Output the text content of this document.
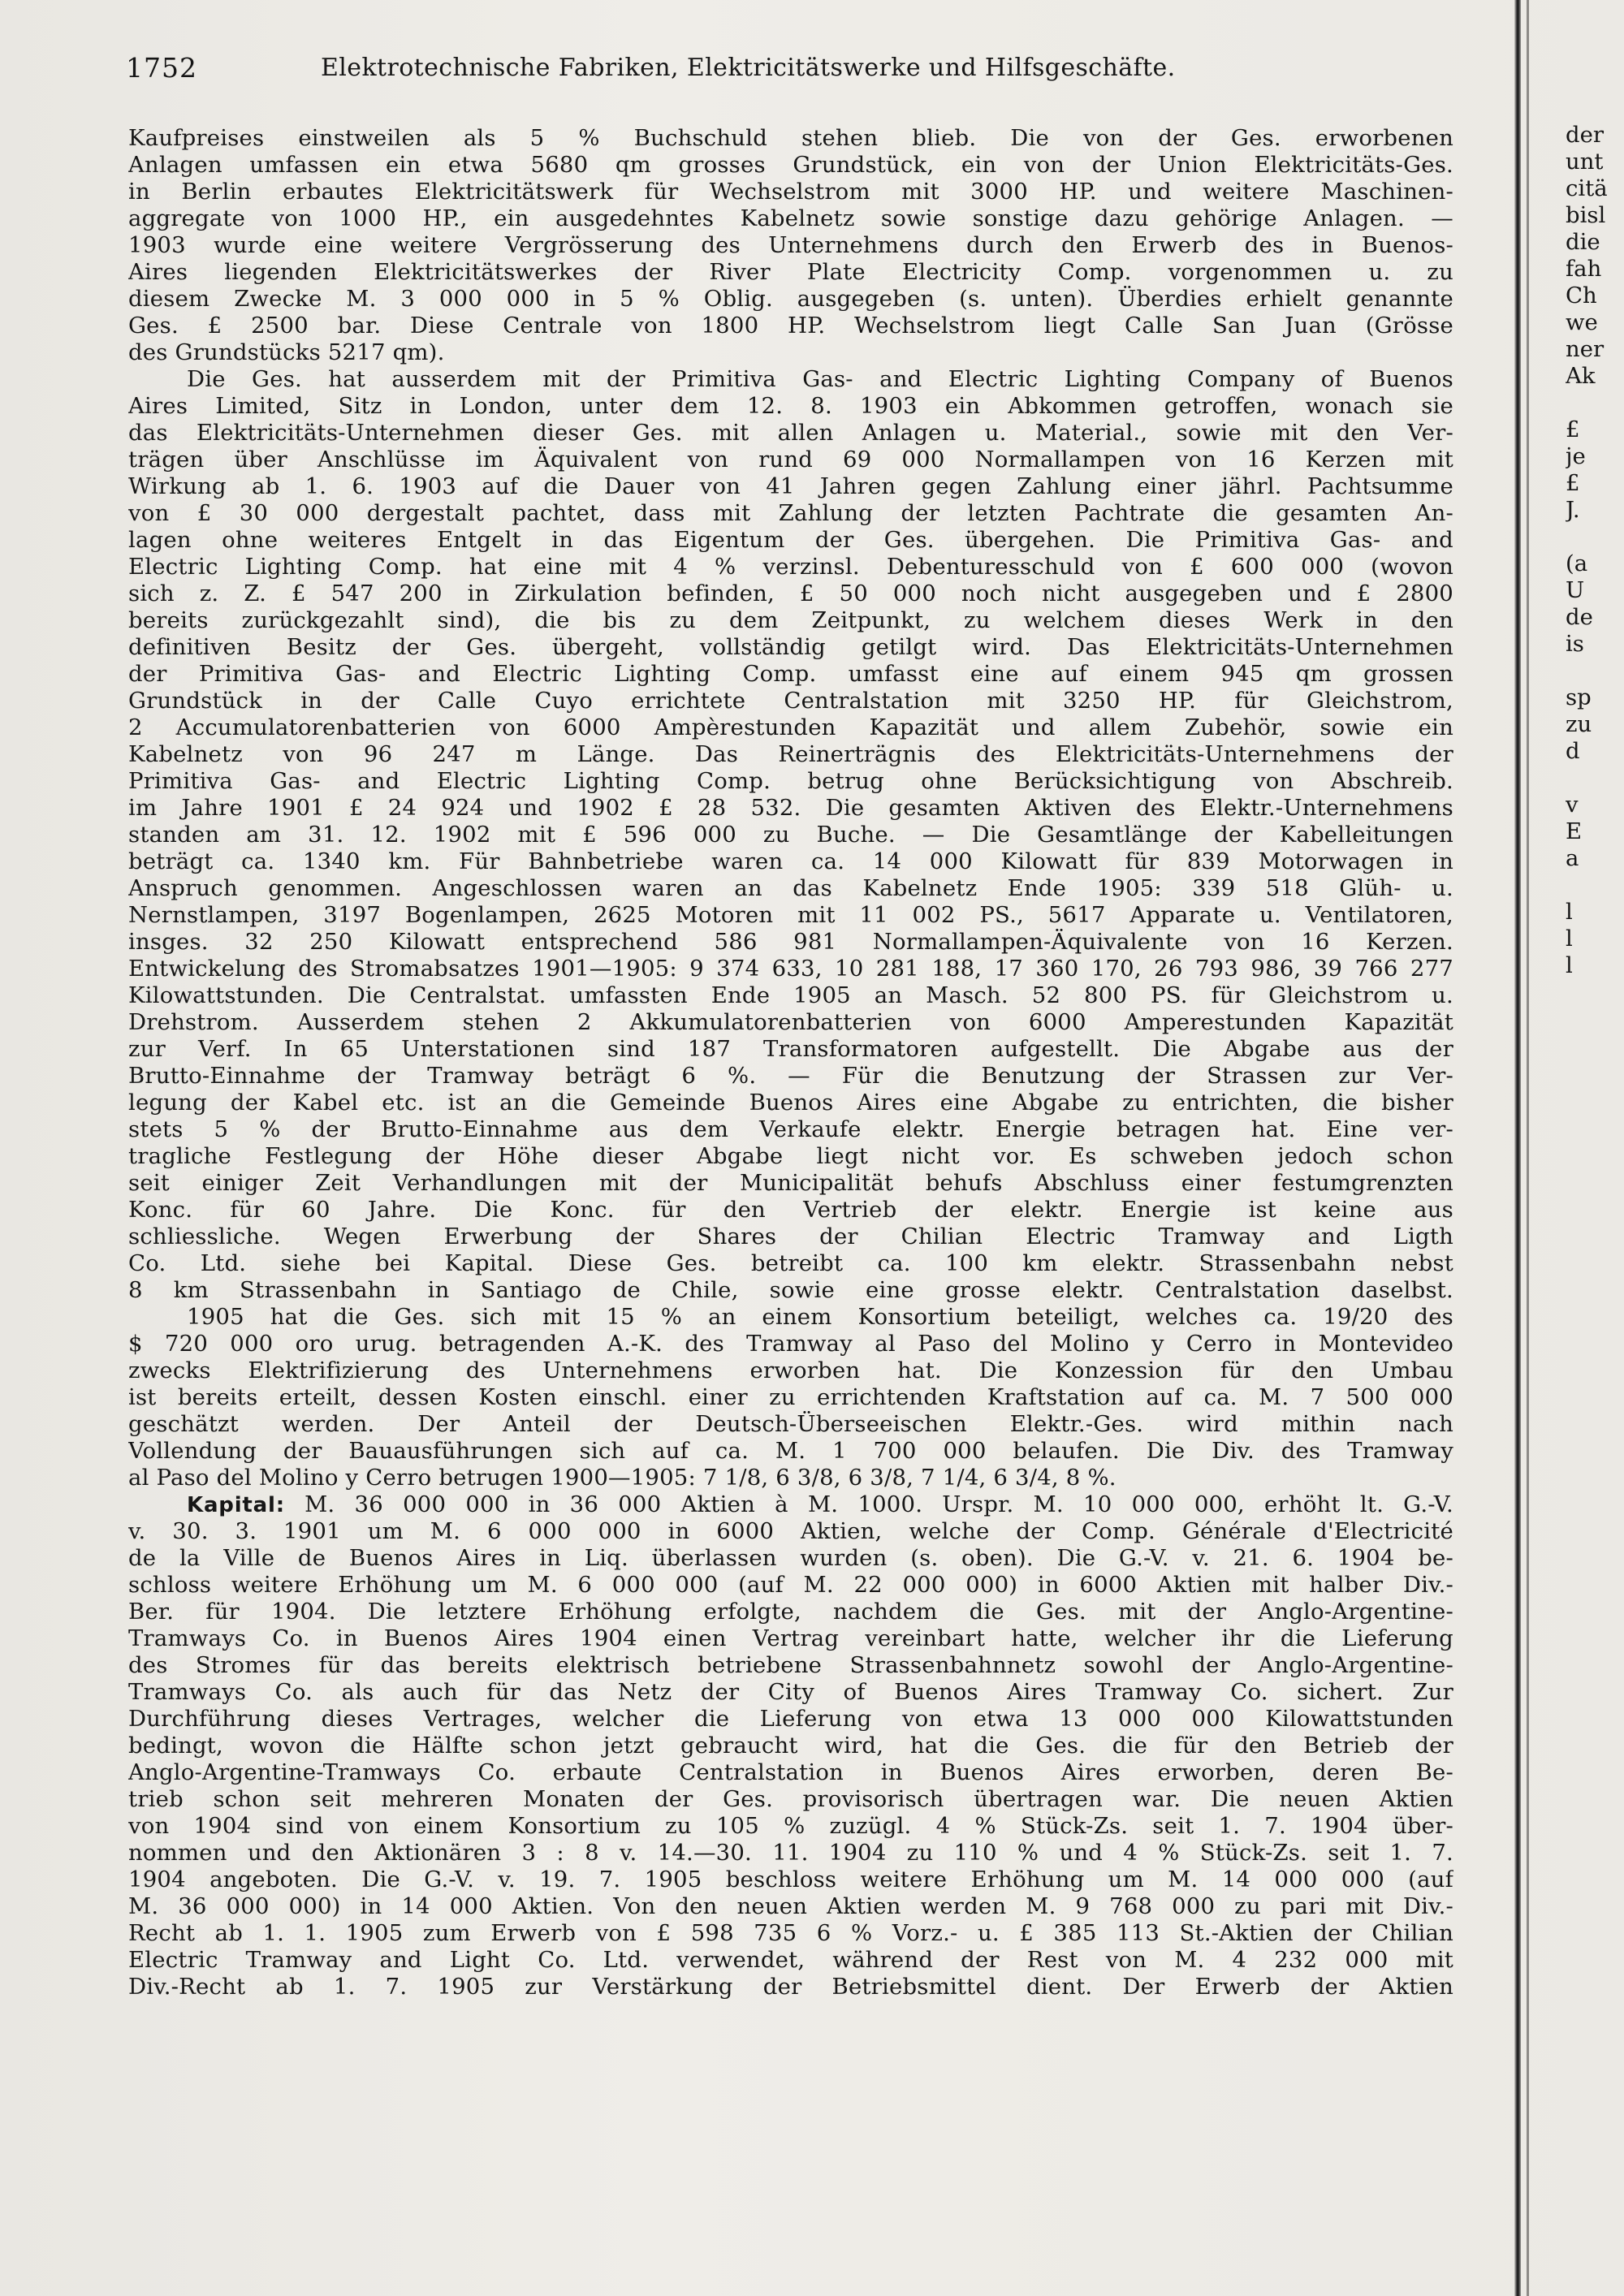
1752	Elektrotechnische Fabriken, Elektricitätswerke und Hilfsgeschäfte.
Kaufpreises einstweilen als 5 % Buchschuld stehen blieb. Die von der Ges. erworbenen
Anlagen umfassen ein etwa 5680 qm grosses Grundstück, ein von der Union Elektricitäts-Ges.
in Berlin erbautes Elektricitätswerk für Wechselstrom mit 3000 HP. und weitere Maschinen-
aggregate von 1000 HP., ein ausgedehntes Kabelnetz sowie sonstige dazu gehörige Anlagen. —
1903 wurde eine weitere Vergrösserung des Unternehmens durch den Erwerb des in Buenos-
Aires liegenden Elektricitätswerkes der River Plate Electricity Comp. vorgenommen u. zu
diesem Zwecke M. 3 000 000 in 5 % Oblig. ausgegeben (s. unten). Überdies erhielt genannte
Ges. £ 2500 bar. Diese Centrale von 1800 HP. Wechselstrom liegt Calle San Juan (Grösse
des Grundstücks 5217 qm).
Die Ges. hat ausserdem mit der Primitiva Gas- and Electric Lighting Company of Buenos
Aires Limited, Sitz in London, unter dem 12. 8. 1903 ein Abkommen getroffen, wonach sie
das Elektricitäts-Unternehmen dieser Ges. mit allen Anlagen u. Material., sowie mit den Ver-
trägen über Anschlüsse im Äquivalent von rund 69 000 Normallampen von 16 Kerzen mit
Wirkung ab 1. 6. 1903 auf die Dauer von 41 Jahren gegen Zahlung einer jährl. Pachtsumme
von £ 30 000 dergestalt pachtet, dass mit Zahlung der letzten Pachtrate die gesamten An-
lagen ohne weiteres Entgelt in das Eigentum der Ges. übergehen. Die Primitiva Gas- and
Electric Lighting Comp. hat eine mit 4 % verzinsl. Debenturesschuld von £ 600 000 (wovon
sich z. Z. £ 547 200 in Zirkulation befinden, £ 50 000 noch nicht ausgegeben und £ 2800
bereits zurückgezahlt sind), die bis zu dem Zeitpunkt, zu welchem dieses Werk in den
definitiven Besitz der Ges. übergeht, vollständig getilgt wird. Das Elektricitäts-Unternehmen
der Primitiva Gas- and Electric Lighting Comp. umfasst eine auf einem 945 qm grossen
Grundstück in der Calle Cuyo errichtete Centralstation mit 3250 HP. für Gleichstrom,
2 Accumulatorenbatterien von 6000 Ampèrestunden Kapazität und allem Zubehör, sowie ein
Kabelnetz von 96 247 m Länge. Das Reinerträgnis des Elektricitäts-Unternehmens der
Primitiva Gas- and Electric Lighting Comp. betrug ohne Berücksichtigung von Abschreib.
im Jahre 1901 £ 24 924 und 1902 £ 28 532. Die gesamten Aktiven des Elektr.-Unternehmens
standen am 31. 12. 1902 mit £ 596 000 zu Buche. — Die Gesamtlänge der Kabelleitungen
beträgt ca. 1340 km. Für Bahnbetriebe waren ca. 14 000 Kilowatt für 839 Motorwagen in
Anspruch genommen. Angeschlossen waren an das Kabelnetz Ende 1905: 339 518 Glüh- u.
Nernstlampen, 3197 Bogenlampen, 2625 Motoren mit 11 002 PS., 5617 Apparate u. Ventilatoren,
insges. 32 250 Kilowatt entsprechend 586 981 Normallampen-Äquivalente von 16 Kerzen.
Entwickelung des Stromabsatzes 1901—1905: 9 374 633, 10 281 188, 17 360 170, 26 793 986, 39 766 277
Kilowattstunden. Die Centralstat. umfassten Ende 1905 an Masch. 52 800 PS. für Gleichstrom u.
Drehstrom. Ausserdem stehen 2 Akkumulatorenbatterien von 6000 Amperestunden Kapazität
zur Verf. In 65 Unterstationen sind 187 Transformatoren aufgestellt. Die Abgabe aus der
Brutto-Einnahme der Tramway beträgt 6 %. — Für die Benutzung der Strassen zur Ver-
legung der Kabel etc. ist an die Gemeinde Buenos Aires eine Abgabe zu entrichten, die bisher
stets 5 % der Brutto-Einnahme aus dem Verkaufe elektr. Energie betragen hat. Eine ver-
tragliche Festlegung der Höhe dieser Abgabe liegt nicht vor. Es schweben jedoch schon
seit einiger Zeit Verhandlungen mit der Municipalität behufs Abschluss einer festumgrenzten
Konc. für 60 Jahre. Die Konc. für den Vertrieb der elektr. Energie ist keine aus
schliessliche. Wegen Erwerbung der Shares der Chilian Electric Tramway and Ligth
Co. Ltd. siehe bei Kapital. Diese Ges. betreibt ca. 100 km elektr. Strassenbahn nebst
8 km Strassenbahn in Santiago de Chile, sowie eine grosse elektr. Centralstation daselbst.
1905 hat die Ges. sich mit 15 % an einem Konsortium beteiligt, welches ca. 19/20 des
$ 720 000 oro urug. betragenden A.-K. des Tramway al Paso del Molino y Cerro in Montevideo
zwecks Elektrifizierung des Unternehmens erworben hat. Die Konzession für den Umbau
ist bereits erteilt, dessen Kosten einschl. einer zu errichtenden Kraftstation auf ca. M. 7 500 000
geschätzt werden. Der Anteil der Deutsch-Überseeischen Elektr.-Ges. wird mithin nach
Vollendung der Bauausführungen sich auf ca. M. 1 700 000 belaufen. Die Div. des Tramway
al Paso del Molino y Cerro betrugen 1900—1905: 7 1/8, 6 3/8, 6 3/8, 7 1/4, 6 3/4, 8 %.
Kapital: M. 36 000 000 in 36 000 Aktien à M. 1000. Urspr. M. 10 000 000, erhöht lt. G.-V.
v. 30. 3. 1901 um M. 6 000 000 in 6000 Aktien, welche der Comp. Générale d'Electricité
de la Ville de Buenos Aires in Liq. überlassen wurden (s. oben). Die G.-V. v. 21. 6. 1904 be-
schloss weitere Erhöhung um M. 6 000 000 (auf M. 22 000 000) in 6000 Aktien mit halber Div.-
Ber. für 1904. Die letztere Erhöhung erfolgte, nachdem die Ges. mit der Anglo-Argentine-
Tramways Co. in Buenos Aires 1904 einen Vertrag vereinbart hatte, welcher ihr die Lieferung
des Stromes für das bereits elektrisch betriebene Strassenbahnnetz sowohl der Anglo-Argentine-
Tramways Co. als auch für das Netz der City of Buenos Aires Tramway Co. sichert. Zur
Durchführung dieses Vertrages, welcher die Lieferung von etwa 13 000 000 Kilowattstunden
bedingt, wovon die Hälfte schon jetzt gebraucht wird, hat die Ges. die für den Betrieb der
Anglo-Argentine-Tramways Co. erbaute Centralstation in Buenos Aires erworben, deren Be-
trieb schon seit mehreren Monaten der Ges. provisorisch übertragen war. Die neuen Aktien
von 1904 sind von einem Konsortium zu 105 % zuzügl. 4 % Stück-Zs. seit 1. 7. 1904 über-
nommen und den Aktionären 3 : 8 v. 14.—30. 11. 1904 zu 110 % und 4 % Stück-Zs. seit 1. 7.
1904 angeboten. Die G.-V. v. 19. 7. 1905 beschloss weitere Erhöhung um M. 14 000 000 (auf
M. 36 000 000) in 14 000 Aktien. Von den neuen Aktien werden M. 9 768 000 zu pari mit Div.-
Recht ab 1. 1. 1905 zum Erwerb von £ 598 735 6 % Vorz.- u. £ 385 113 St.-Aktien der Chilian
Electric Tramway and Light Co. Ltd. verwendet, während der Rest von M. 4 232 000 mit
Div.-Recht ab 1. 7. 1905 zur Verstärkung der Betriebsmittel dient. Der Erwerb der Aktien
der
unt
citä
bisl
die
fah
Ch
we
ner
Ak
£
je
£
J.
(a
U
de
is
sp
zu
d
v
E
a
l
l
l
